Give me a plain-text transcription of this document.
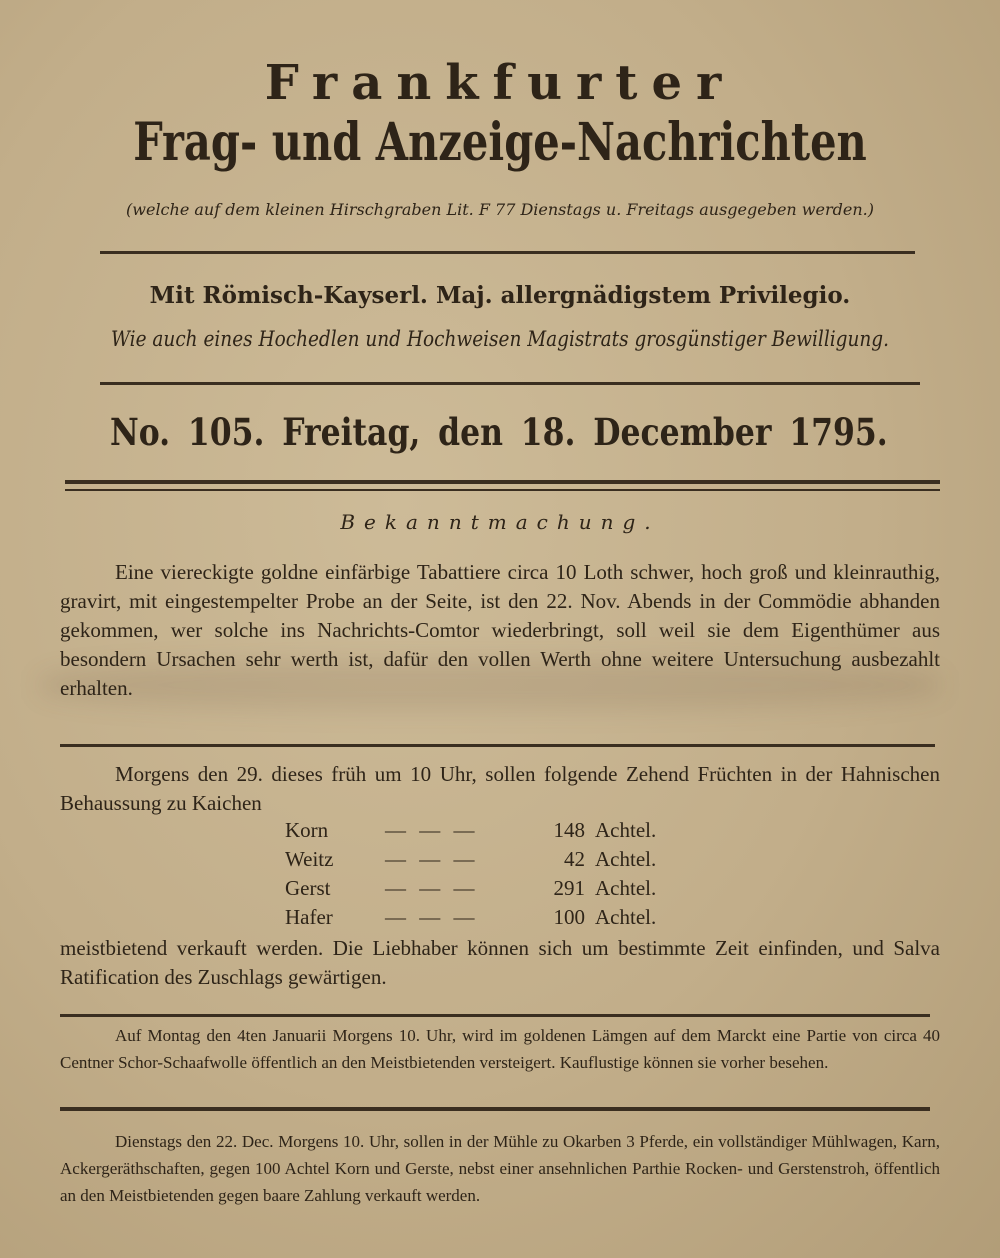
Frankfurter
Frag- und Anzeige-Nachrichten
(welche auf dem kleinen Hirschgraben Lit. F 77 Dienstags u. Freitags ausgegeben werden.)
Mit Römisch-Kayserl. Maj. allergnädigstem Privilegio.
Wie auch eines Hochedlen und Hochweisen Magistrats grosgünstiger Bewilligung.
No. 105. Freitag, den 18. December 1795.
Bekanntmachung.
Eine viereckigte goldne einfärbige Tabattiere circa 10 Loth schwer, hoch groß und kleinrauthig, gravirt, mit eingestempelter Probe an der Seite, ist den 22. Nov. Abends in der Commödie abhanden gekommen, wer solche ins Nachrichts-Comtor wiederbringt, soll weil sie dem Eigenthümer aus besondern Ursachen sehr werth ist, dafür den vollen Werth ohne weitere Untersuchung ausbezahlt erhalten.
Morgens den 29. dieses früh um 10 Uhr, sollen folgende Zehend Früchten in der Hahnischen Behaussung zu Kaichen
Korn	— — —	148 Achtel.
Weitz	— — —	42 Achtel.
Gerst	— — —	291 Achtel.
Hafer	— — —	100 Achtel.
meistbietend verkauft werden. Die Liebhaber können sich um bestimmte Zeit einfinden, und Salva Ratification des Zuschlags gewärtigen.
Auf Montag den 4ten Januarii Morgens 10. Uhr, wird im goldenen Lämgen auf dem Marckt eine Partie von circa 40 Centner Schor-Schaafwolle öffentlich an den Meistbietenden versteigert. Kauflustige können sie vorher besehen.
Dienstags den 22. Dec. Morgens 10. Uhr, sollen in der Mühle zu Okarben 3 Pferde, ein vollständiger Mühlwagen, Karn, Ackergeräthschaften, gegen 100 Achtel Korn und Gerste, nebst einer ansehnlichen Parthie Rocken- und Gerstenstroh, öffentlich an den Meistbietenden gegen baare Zahlung verkauft werden.
